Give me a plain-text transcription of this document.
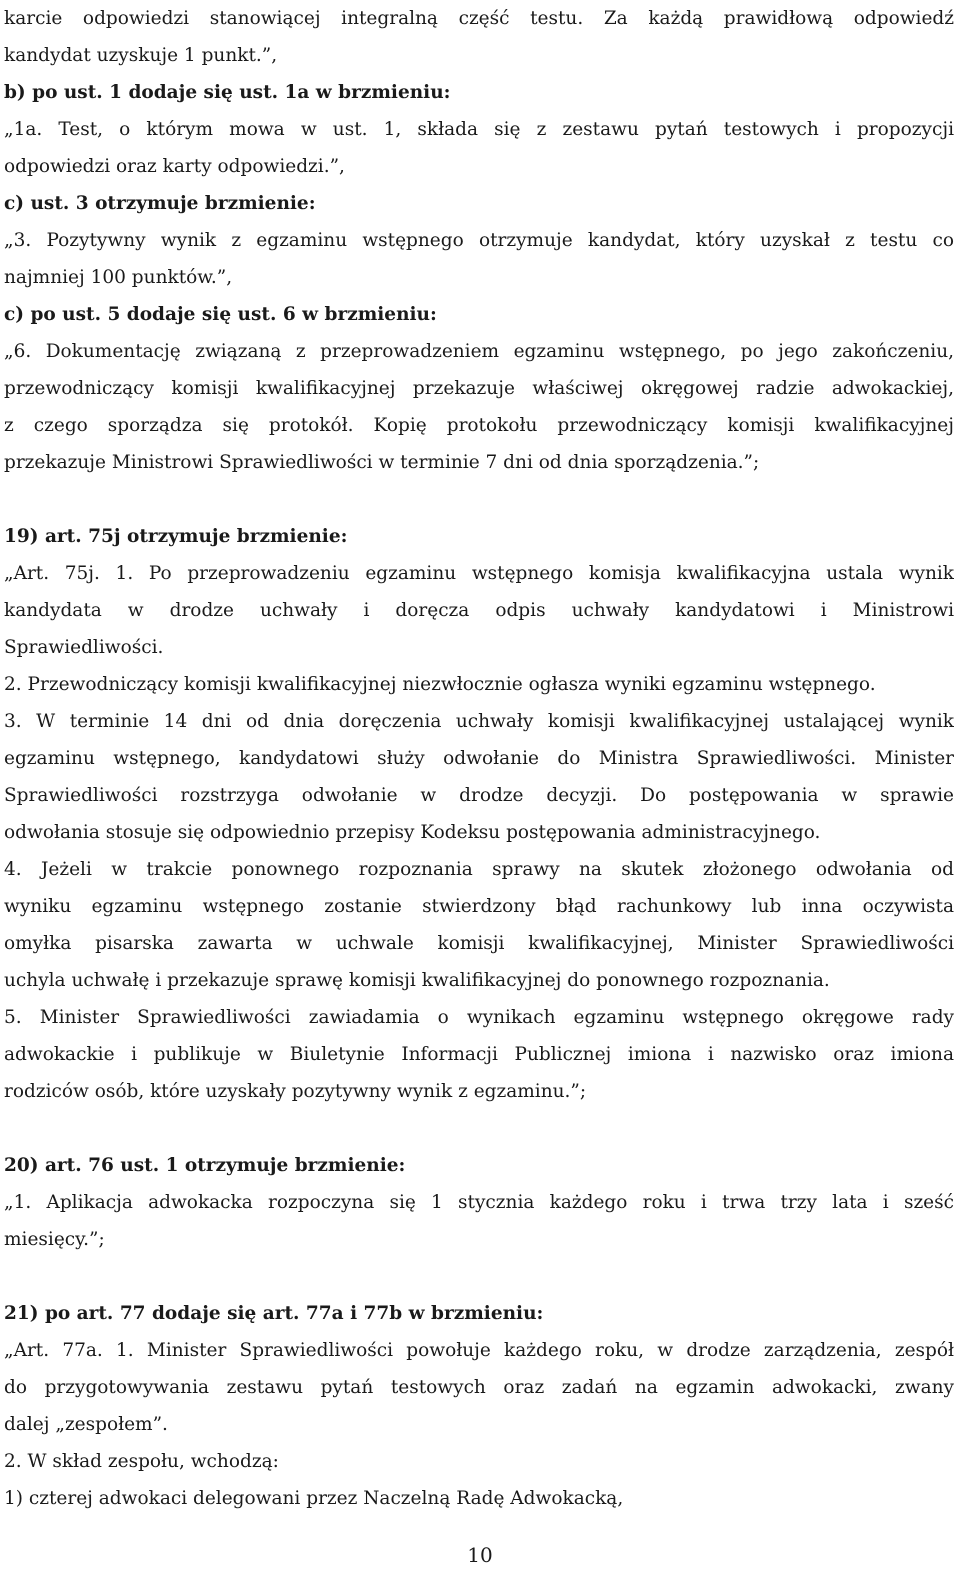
karcie odpowiedzi stanowiącej integralną część testu. Za każdą prawidłową odpowiedź
kandydat uzyskuje 1 punkt.”,
b) po ust. 1 dodaje się ust. 1a w brzmieniu:
„1a. Test, o którym mowa w ust. 1, składa się z zestawu pytań testowych i propozycji
odpowiedzi oraz karty odpowiedzi.”,
c) ust. 3 otrzymuje brzmienie:
„3. Pozytywny wynik z egzaminu wstępnego otrzymuje kandydat, który uzyskał z testu co
najmniej 100 punktów.”,
c) po ust. 5 dodaje się ust. 6 w brzmieniu:
„6. Dokumentację związaną z przeprowadzeniem egzaminu wstępnego, po jego zakończeniu,
przewodniczący komisji kwalifikacyjnej przekazuje właściwej okręgowej radzie adwokackiej,
z czego sporządza się protokół. Kopię protokołu przewodniczący komisji kwalifikacyjnej
przekazuje Ministrowi Sprawiedliwości w terminie 7 dni od dnia sporządzenia.”;
19) art. 75j otrzymuje brzmienie:
„Art. 75j. 1. Po przeprowadzeniu egzaminu wstępnego komisja kwalifikacyjna ustala wynik
kandydata w drodze uchwały i doręcza odpis uchwały kandydatowi i Ministrowi
Sprawiedliwości.
2. Przewodniczący komisji kwalifikacyjnej niezwłocznie ogłasza wyniki egzaminu wstępnego.
3. W terminie 14 dni od dnia doręczenia uchwały komisji kwalifikacyjnej ustalającej wynik
egzaminu wstępnego, kandydatowi służy odwołanie do Ministra Sprawiedliwości. Minister
Sprawiedliwości rozstrzyga odwołanie w drodze decyzji. Do postępowania w sprawie
odwołania stosuje się odpowiednio przepisy Kodeksu postępowania administracyjnego.
4. Jeżeli w trakcie ponownego rozpoznania sprawy na skutek złożonego odwołania od
wyniku egzaminu wstępnego zostanie stwierdzony błąd rachunkowy lub inna oczywista
omyłka pisarska zawarta w uchwale komisji kwalifikacyjnej, Minister Sprawiedliwości
uchyla uchwałę i przekazuje sprawę komisji kwalifikacyjnej do ponownego rozpoznania.
5. Minister Sprawiedliwości zawiadamia o wynikach egzaminu wstępnego okręgowe rady
adwokackie i publikuje w Biuletynie Informacji Publicznej imiona i nazwisko oraz imiona
rodziców osób, które uzyskały pozytywny wynik z egzaminu.”;
20) art. 76 ust. 1 otrzymuje brzmienie:
„1. Aplikacja adwokacka rozpoczyna się 1 stycznia każdego roku i trwa trzy lata i sześć
miesięcy.”;
21) po art. 77 dodaje się art. 77a i 77b w brzmieniu:
„Art. 77a. 1. Minister Sprawiedliwości powołuje każdego roku, w drodze zarządzenia, zespół
do przygotowywania zestawu pytań testowych oraz zadań na egzamin adwokacki, zwany
dalej „zespołem”.
2. W skład zespołu, wchodzą:
1) czterej adwokaci delegowani przez Naczelną Radę Adwokacką,
10
